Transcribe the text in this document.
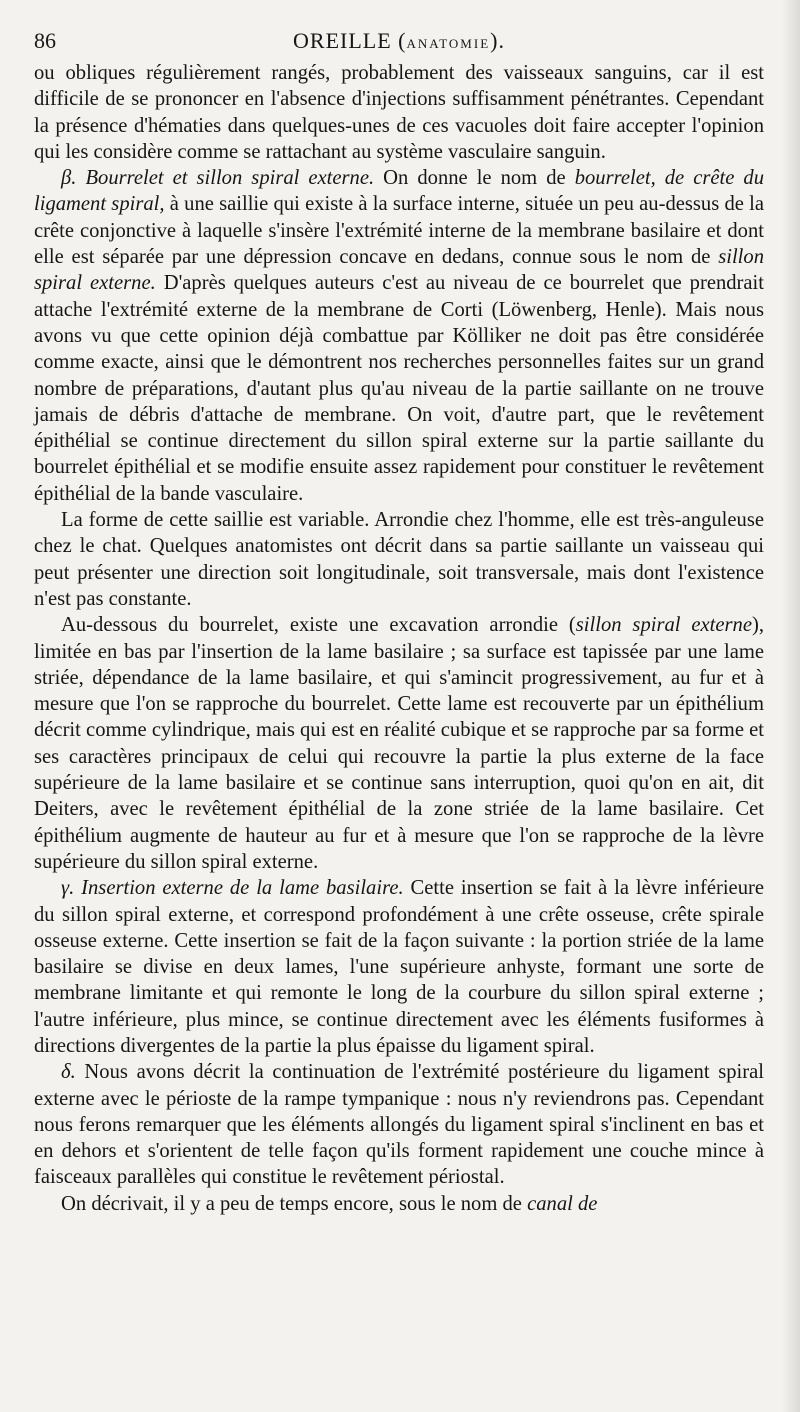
86	OREILLE (ANATOMIE).

ou obliques régulièrement rangés, probablement des vaisseaux sanguins, car il est difficile de se prononcer en l'absence d'injections suffisamment pénétrantes. Cependant la présence d'hématies dans quelques-unes de ces vacuoles doit faire accepter l'opinion qui les considère comme se rattachant au système vasculaire sanguin.

β. Bourrelet et sillon spiral externe. On donne le nom de bourrelet, de crête du ligament spiral, à une saillie qui existe à la surface interne, située un peu au-dessus de la crête conjonctive à laquelle s'insère l'extrémité interne de la membrane basilaire et dont elle est séparée par une dépression concave en dedans, connue sous le nom de sillon spiral externe. D'après quelques auteurs c'est au niveau de ce bourrelet que prendrait attache l'extrémité externe de la membrane de Corti (Löwenberg, Henle). Mais nous avons vu que cette opinion déjà combattue par Kölliker ne doit pas être considérée comme exacte, ainsi que le démontrent nos recherches personnelles faites sur un grand nombre de préparations, d'autant plus qu'au niveau de la partie saillante on ne trouve jamais de débris d'attache de membrane. On voit, d'autre part, que le revêtement épithélial se continue directement du sillon spiral externe sur la partie saillante du bourrelet épithélial et se modifie ensuite assez rapidement pour constituer le revêtement épithélial de la bande vasculaire.

La forme de cette saillie est variable. Arrondie chez l'homme, elle est très-anguleuse chez le chat. Quelques anatomistes ont décrit dans sa partie saillante un vaisseau qui peut présenter une direction soit longitudinale, soit transversale, mais dont l'existence n'est pas constante.

Au-dessous du bourrelet, existe une excavation arrondie (sillon spiral externe), limitée en bas par l'insertion de la lame basilaire ; sa surface est tapissée par une lame striée, dépendance de la lame basilaire, et qui s'amincit progressivement, au fur et à mesure que l'on se rapproche du bourrelet. Cette lame est recouverte par un épithélium décrit comme cylindrique, mais qui est en réalité cubique et se rapproche par sa forme et ses caractères principaux de celui qui recouvre la partie la plus externe de la face supérieure de la lame basilaire et se continue sans interruption, quoi qu'on en ait, dit Deiters, avec le revêtement épithélial de la zone striée de la lame basilaire. Cet épithélium augmente de hauteur au fur et à mesure que l'on se rapproche de la lèvre supérieure du sillon spiral externe.

γ. Insertion externe de la lame basilaire. Cette insertion se fait à la lèvre inférieure du sillon spiral externe, et correspond profondément à une crête osseuse, crête spirale osseuse externe. Cette insertion se fait de la façon suivante : la portion striée de la lame basilaire se divise en deux lames, l'une supérieure anhyste, formant une sorte de membrane limitante et qui remonte le long de la courbure du sillon spiral externe ; l'autre inférieure, plus mince, se continue directement avec les éléments fusiformes à directions divergentes de la partie la plus épaisse du ligament spiral.

δ. Nous avons décrit la continuation de l'extrémité postérieure du ligament spiral externe avec le périoste de la rampe tympanique : nous n'y reviendrons pas. Cependant nous ferons remarquer que les éléments allongés du ligament spiral s'inclinent en bas et en dehors et s'orientent de telle façon qu'ils forment rapidement une couche mince à faisceaux parallèles qui constitue le revêtement périostal.

On décrivait, il y a peu de temps encore, sous le nom de canal de
